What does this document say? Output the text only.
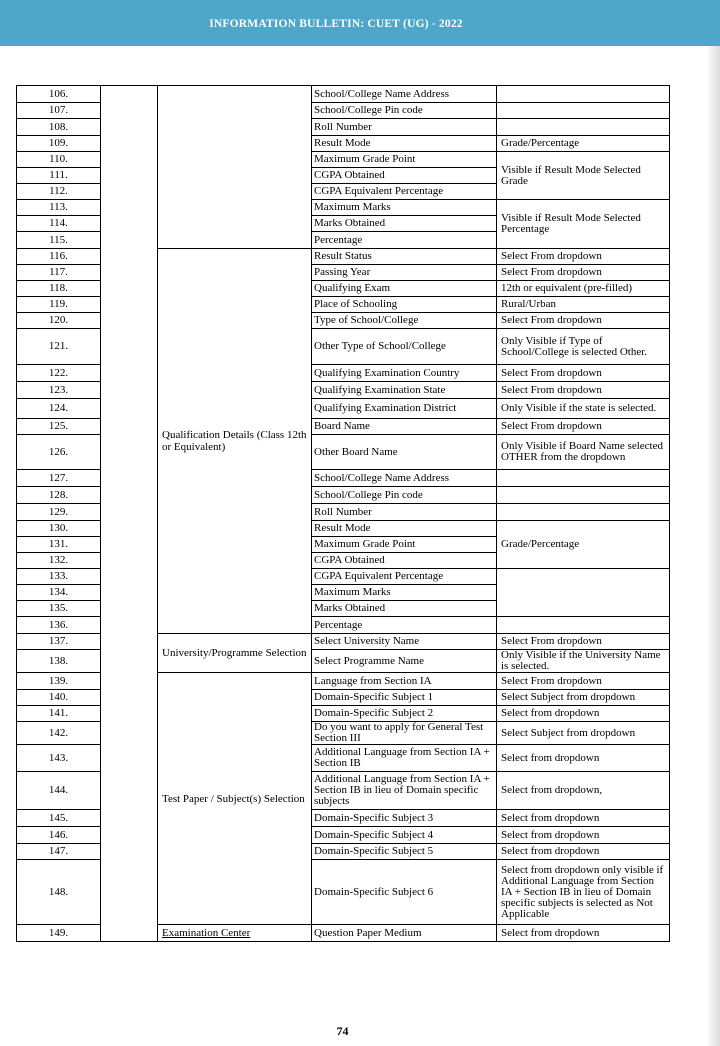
INFORMATION BULLETIN: CUET (UG) - 2022
106.			School/College Name Address	
107.			School/College Pin code	
108.			Roll Number	
109.			Result Mode	Grade/Percentage
110.			Maximum Grade Point	Visible if Result Mode Selected Grade
111.			CGPA Obtained	
112.			CGPA Equivalent Percentage	
113.			Maximum Marks	Visible if Result Mode Selected Percentage
114.			Marks Obtained	
115.			Percentage	
116.		Qualification Details (Class 12th or Equivalent)	Result Status	Select From dropdown
117.			Passing Year	Select From dropdown
118.			Qualifying Exam	12th or equivalent (pre-filled)
119.			Place of Schooling	Rural/Urban
120.			Type of School/College	Select From dropdown
121.			Other Type of School/College	Only Visible if Type of School/College is selected Other.
122.			Qualifying Examination Country	Select From dropdown
123.			Qualifying Examination State	Select From dropdown
124.			Qualifying Examination District	Only Visible if the state is selected.
125.			Board Name	Select From dropdown
126.			Other Board Name	Only Visible if Board Name selected OTHER from the dropdown
127.			School/College Name Address	
128.			School/College Pin code	
129.			Roll Number	
130.			Result Mode	Grade/Percentage
131.			Maximum Grade Point	
132.			CGPA Obtained	
133.			CGPA Equivalent Percentage	
134.			Maximum Marks	
135.			Marks Obtained	
136.			Percentage	
137.		University/Programme Selection	Select University Name	Select From dropdown
138.			Select Programme Name	Only Visible if the University Name is selected.
139.		Test Paper / Subject(s) Selection	Language from Section IA	Select From dropdown
140.			Domain-Specific Subject 1	Select Subject from dropdown
141.			Domain-Specific Subject 2	Select from dropdown
142.			Do you want to apply for General Test Section III	Select Subject from dropdown
143.			Additional Language from Section IA + Section IB	Select from dropdown
144.			Additional Language from Section IA + Section IB in lieu of Domain specific subjects	Select from dropdown,
145.			Domain-Specific Subject 3	Select from dropdown
146.			Domain-Specific Subject 4	Select from dropdown
147.			Domain-Specific Subject 5	Select from dropdown
148.			Domain-Specific Subject 6	Select from dropdown only visible if Additional Language from Section IA + Section IB in lieu of Domain specific subjects is selected as Not Applicable
149.		Examination Center	Question Paper Medium	Select from dropdown
74
